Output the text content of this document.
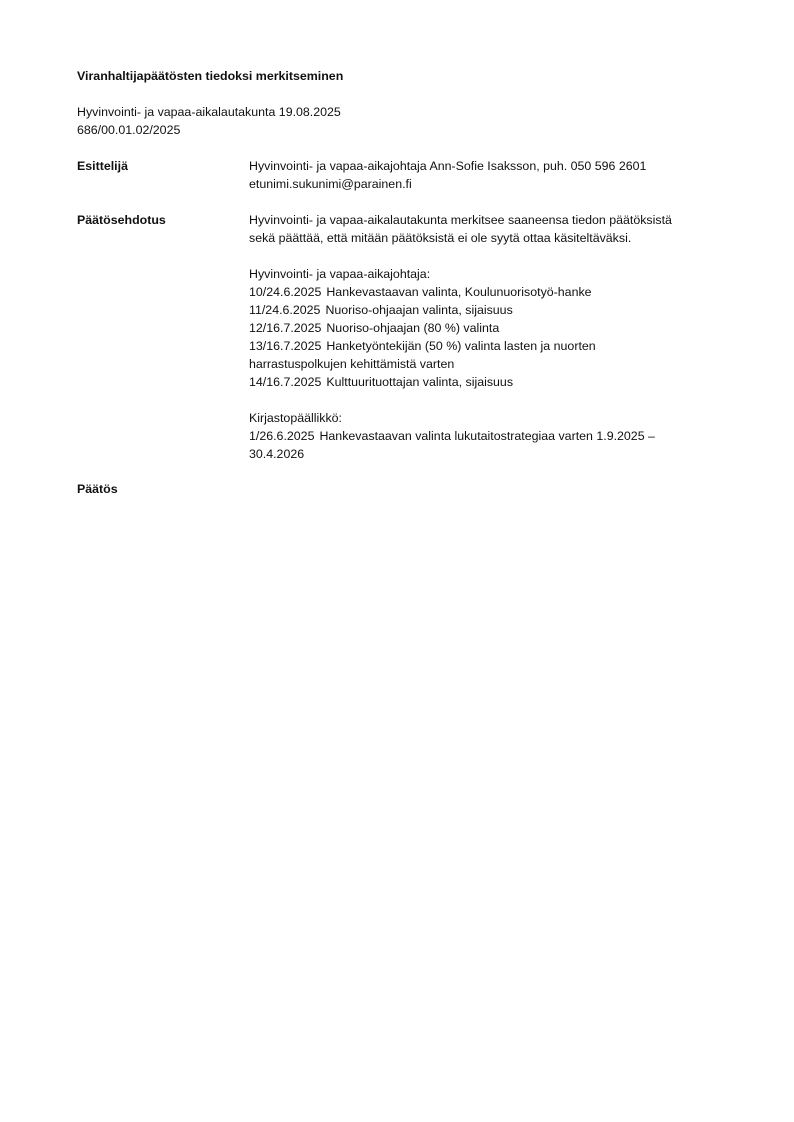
Viranhaltijapäätösten tiedoksi merkitseminen
Hyvinvointi- ja vapaa-aikalautakunta 19.08.2025
686/00.01.02/2025
Esittelijä	Hyvinvointi- ja vapaa-aikajohtaja Ann-Sofie Isaksson, puh. 050 596 2601
etunimi.sukunimi@parainen.fi
Päätösehdotus	Hyvinvointi- ja vapaa-aikalautakunta merkitsee saaneensa tiedon päätöksistä
sekä päättää, että mitään päätöksistä ei ole syytä ottaa käsiteltäväksi.
Hyvinvointi- ja vapaa-aikajohtaja:
10/24.6.2025 Hankevastaavan valinta, Koulunuorisotyö-hanke
11/24.6.2025 Nuoriso-ohjaajan valinta, sijaisuus
12/16.7.2025 Nuoriso-ohjaajan (80 %) valinta
13/16.7.2025 Hanketyöntekijän (50 %) valinta lasten ja nuorten
harrastuspolkujen kehittämistä varten
14/16.7.2025 Kulttuurituottajan valinta, sijaisuus
Kirjastopäällikkö:
1/26.6.2025 Hankevastaavan valinta lukutaitostrategiaa varten 1.9.2025 –
30.4.2026
Päätös
